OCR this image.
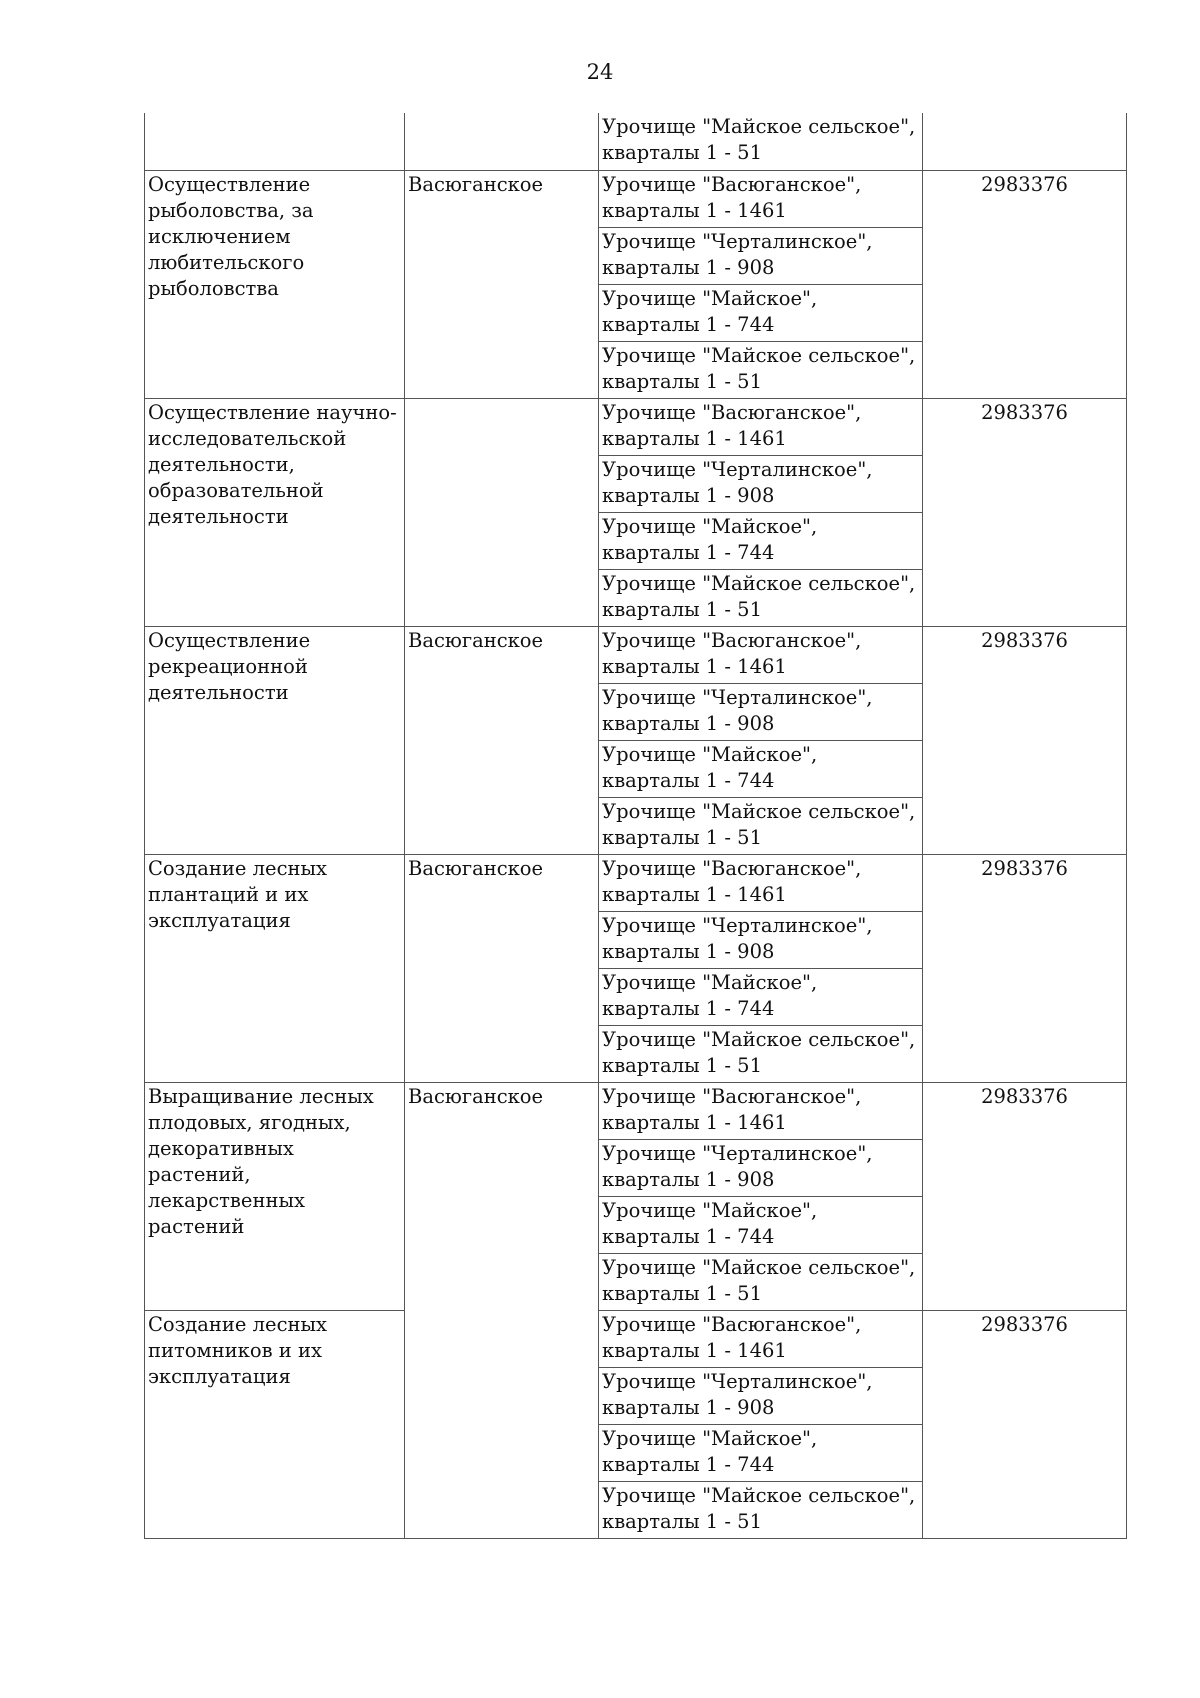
24
		Урочище "Майское сельское", кварталы 1 - 51	
Осуществление рыболовства, за исключением любительского рыболовства	Васюганское	Урочище "Васюганское", кварталы 1 - 1461	2983376
		Урочище "Черталинское", кварталы 1 - 908	
		Урочище "Майское", кварталы 1 - 744	
		Урочище "Майское сельское", кварталы 1 - 51	
Осуществление научно-исследовательской деятельности, образовательной деятельности		Урочище "Васюганское", кварталы 1 - 1461	2983376
		Урочище "Черталинское", кварталы 1 - 908	
		Урочище "Майское", кварталы 1 - 744	
		Урочище "Майское сельское", кварталы 1 - 51	
Осуществление рекреационной деятельности	Васюганское	Урочище "Васюганское", кварталы 1 - 1461	2983376
		Урочище "Черталинское", кварталы 1 - 908	
		Урочище "Майское", кварталы 1 - 744	
		Урочище "Майское сельское", кварталы 1 - 51	
Создание лесных плантаций и их эксплуатация	Васюганское	Урочище "Васюганское", кварталы 1 - 1461	2983376
		Урочище "Черталинское", кварталы 1 - 908	
		Урочище "Майское", кварталы 1 - 744	
		Урочище "Майское сельское", кварталы 1 - 51	
Выращивание лесных плодовых, ягодных, декоративных растений, лекарственных растений	Васюганское	Урочище "Васюганское", кварталы 1 - 1461	2983376
		Урочище "Черталинское", кварталы 1 - 908	
		Урочище "Майское", кварталы 1 - 744	
		Урочище "Майское сельское", кварталы 1 - 51	
Создание лесных питомников и их эксплуатация		Урочище "Васюганское", кварталы 1 - 1461	2983376
		Урочище "Черталинское", кварталы 1 - 908	
		Урочище "Майское", кварталы 1 - 744	
		Урочище "Майское сельское", кварталы 1 - 51	
